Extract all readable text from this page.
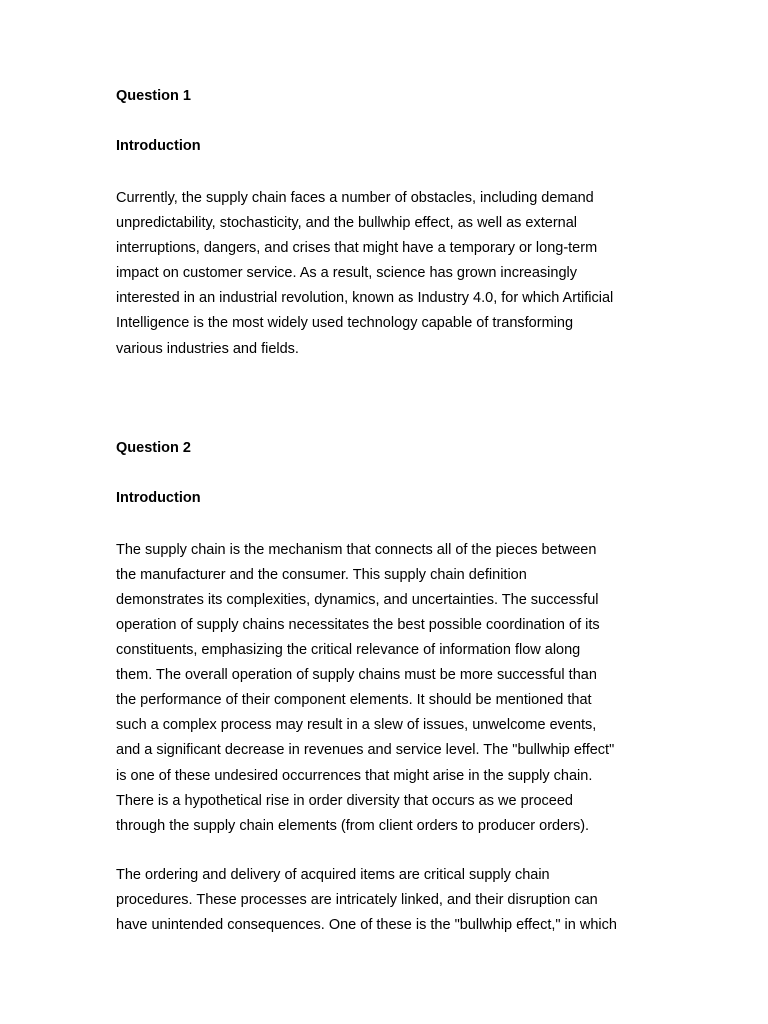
Question 1

Introduction

Currently, the supply chain faces a number of obstacles, including demand
unpredictability, stochasticity, and the bullwhip effect, as well as external
interruptions, dangers, and crises that might have a temporary or long-term
impact on customer service. As a result, science has grown increasingly
interested in an industrial revolution, known as Industry 4.0, for which Artificial
Intelligence is the most widely used technology capable of transforming
various industries and fields.

Question 2

Introduction

The supply chain is the mechanism that connects all of the pieces between
the manufacturer and the consumer. This supply chain definition
demonstrates its complexities, dynamics, and uncertainties. The successful
operation of supply chains necessitates the best possible coordination of its
constituents, emphasizing the critical relevance of information flow along
them. The overall operation of supply chains must be more successful than
the performance of their component elements. It should be mentioned that
such a complex process may result in a slew of issues, unwelcome events,
and a significant decrease in revenues and service level. The "bullwhip effect"
is one of these undesired occurrences that might arise in the supply chain.
There is a hypothetical rise in order diversity that occurs as we proceed
through the supply chain elements (from client orders to producer orders).

The ordering and delivery of acquired items are critical supply chain
procedures. These processes are intricately linked, and their disruption can
have unintended consequences. One of these is the "bullwhip effect," in which
